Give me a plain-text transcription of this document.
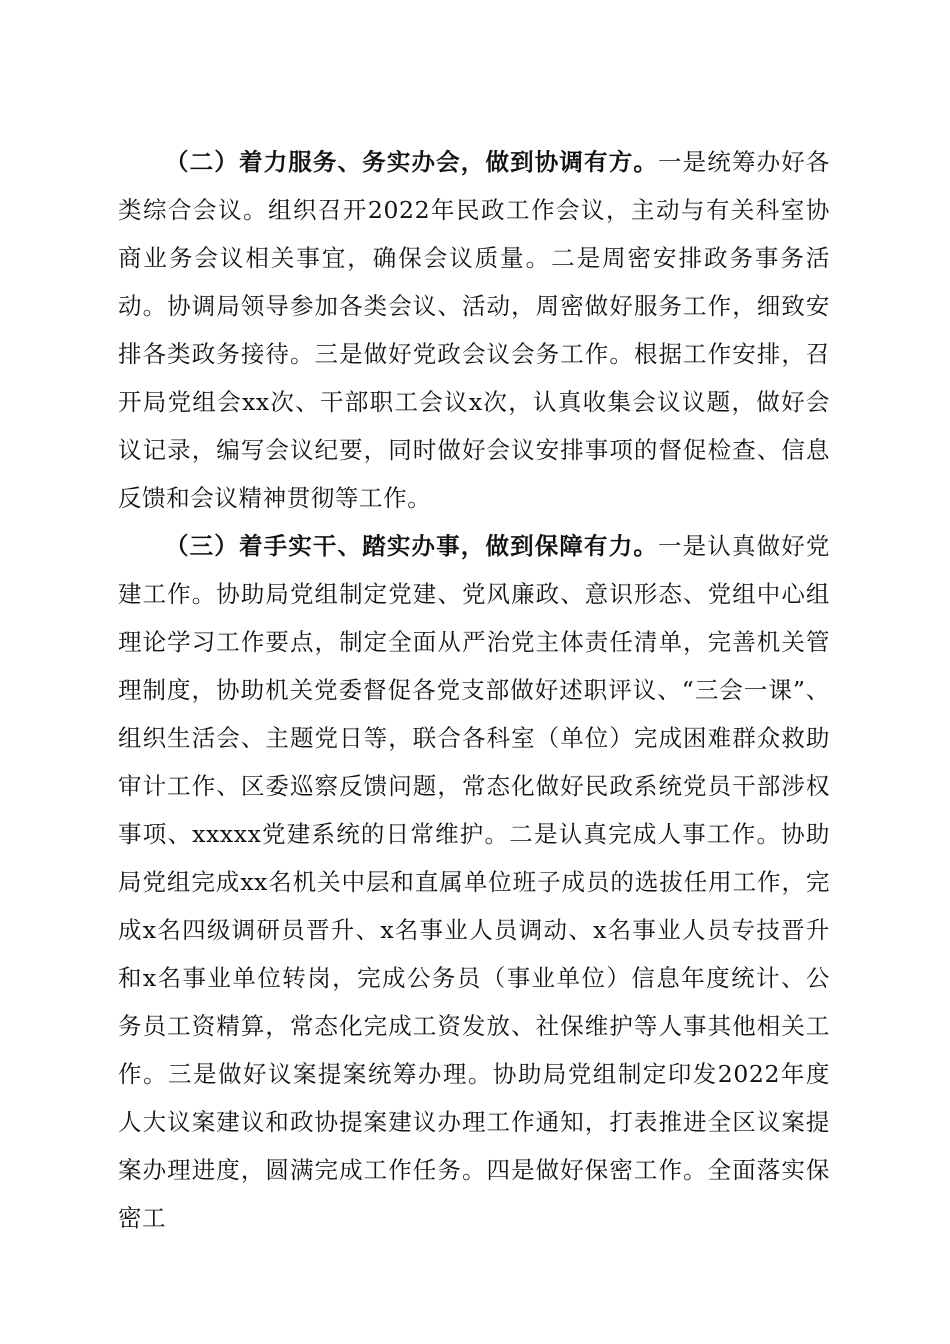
（二）着力服务、务实办会，做到协调有方。一是统筹办好各类综合会议。组织召开2022年民政工作会议，主动与有关科室协商业务会议相关事宜，确保会议质量。二是周密安排政务事务活动。协调局领导参加各类会议、活动，周密做好服务工作，细致安排各类政务接待。三是做好党政会议会务工作。根据工作安排，召开局党组会xx次、干部职工会议x次，认真收集会议议题，做好会议记录，编写会议纪要，同时做好会议安排事项的督促检查、信息反馈和会议精神贯彻等工作。

（三）着手实干、踏实办事，做到保障有力。一是认真做好党建工作。协助局党组制定党建、党风廉政、意识形态、党组中心组理论学习工作要点，制定全面从严治党主体责任清单，完善机关管理制度，协助机关党委督促各党支部做好述职评议、“三会一课”、组织生活会、主题党日等，联合各科室（单位）完成困难群众救助审计工作、区委巡察反馈问题，常态化做好民政系统党员干部涉权事项、xxxxx党建系统的日常维护。二是认真完成人事工作。协助局党组完成xx名机关中层和直属单位班子成员的选拔任用工作，完成x名四级调研员晋升、x名事业人员调动、x名事业人员专技晋升和x名事业单位转岗，完成公务员（事业单位）信息年度统计、公务员工资精算，常态化完成工资发放、社保维护等人事其他相关工作。三是做好议案提案统筹办理。协助局党组制定印发2022年度人大议案建议和政协提案建议办理工作通知，打表推进全区议案提案办理进度，圆满完成工作任务。四是做好保密工作。全面落实保密工
